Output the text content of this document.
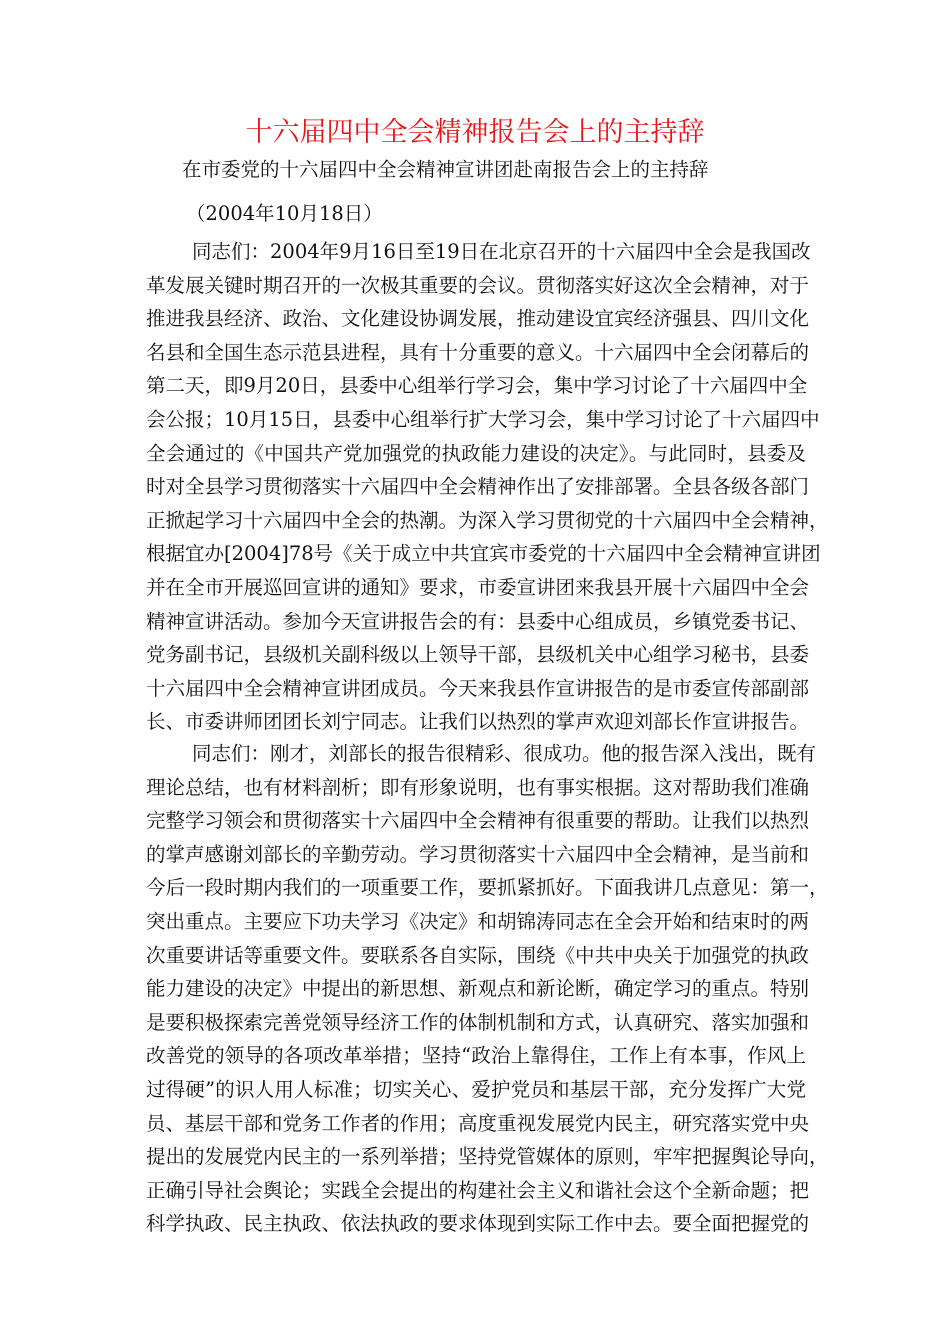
十六届四中全会精神报告会上的主持辞
在市委党的十六届四中全会精神宣讲团赴南报告会上的主持辞
（2004年10月18日）
同志们：2004年9月16日至19日在北京召开的十六届四中全会是我国改
革发展关键时期召开的一次极其重要的会议。贯彻落实好这次全会精神，对于
推进我县经济、政治、文化建设协调发展，推动建设宜宾经济强县、四川文化
名县和全国生态示范县进程，具有十分重要的意义。十六届四中全会闭幕后的
第二天，即9月20日，县委中心组举行学习会，集中学习讨论了十六届四中全
会公报；10月15日，县委中心组举行扩大学习会，集中学习讨论了十六届四中
全会通过的《中国共产党加强党的执政能力建设的决定》。与此同时，县委及
时对全县学习贯彻落实十六届四中全会精神作出了安排部署。全县各级各部门
正掀起学习十六届四中全会的热潮。为深入学习贯彻党的十六届四中全会精神，
根据宜办[2004]78号《关于成立中共宜宾市委党的十六届四中全会精神宣讲团
并在全市开展巡回宣讲的通知》要求，市委宣讲团来我县开展十六届四中全会
精神宣讲活动。参加今天宣讲报告会的有：县委中心组成员，乡镇党委书记、
党务副书记，县级机关副科级以上领导干部，县级机关中心组学习秘书，县委
十六届四中全会精神宣讲团成员。今天来我县作宣讲报告的是市委宣传部副部
长、市委讲师团团长刘宁同志。让我们以热烈的掌声欢迎刘部长作宣讲报告。
同志们：刚才，刘部长的报告很精彩、很成功。他的报告深入浅出，既有
理论总结，也有材料剖析；即有形象说明，也有事实根据。这对帮助我们准确
完整学习领会和贯彻落实十六届四中全会精神有很重要的帮助。让我们以热烈
的掌声感谢刘部长的辛勤劳动。学习贯彻落实十六届四中全会精神，是当前和
今后一段时期内我们的一项重要工作，要抓紧抓好。下面我讲几点意见：第一，
突出重点。主要应下功夫学习《决定》和胡锦涛同志在全会开始和结束时的两
次重要讲话等重要文件。要联系各自实际，围绕《中共中央关于加强党的执政
能力建设的决定》中提出的新思想、新观点和新论断，确定学习的重点。特别
是要积极探索完善党领导经济工作的体制机制和方式，认真研究、落实加强和
改善党的领导的各项改革举措；坚持“政治上靠得住，工作上有本事，作风上
过得硬”的识人用人标准；切实关心、爱护党员和基层干部，充分发挥广大党
员、基层干部和党务工作者的作用；高度重视发展党内民主，研究落实党中央
提出的发展党内民主的一系列举措；坚持党管媒体的原则，牢牢把握舆论导向，
正确引导社会舆论；实践全会提出的构建社会主义和谐社会这个全新命题；把
科学执政、民主执政、依法执政的要求体现到实际工作中去。要全面把握党的
